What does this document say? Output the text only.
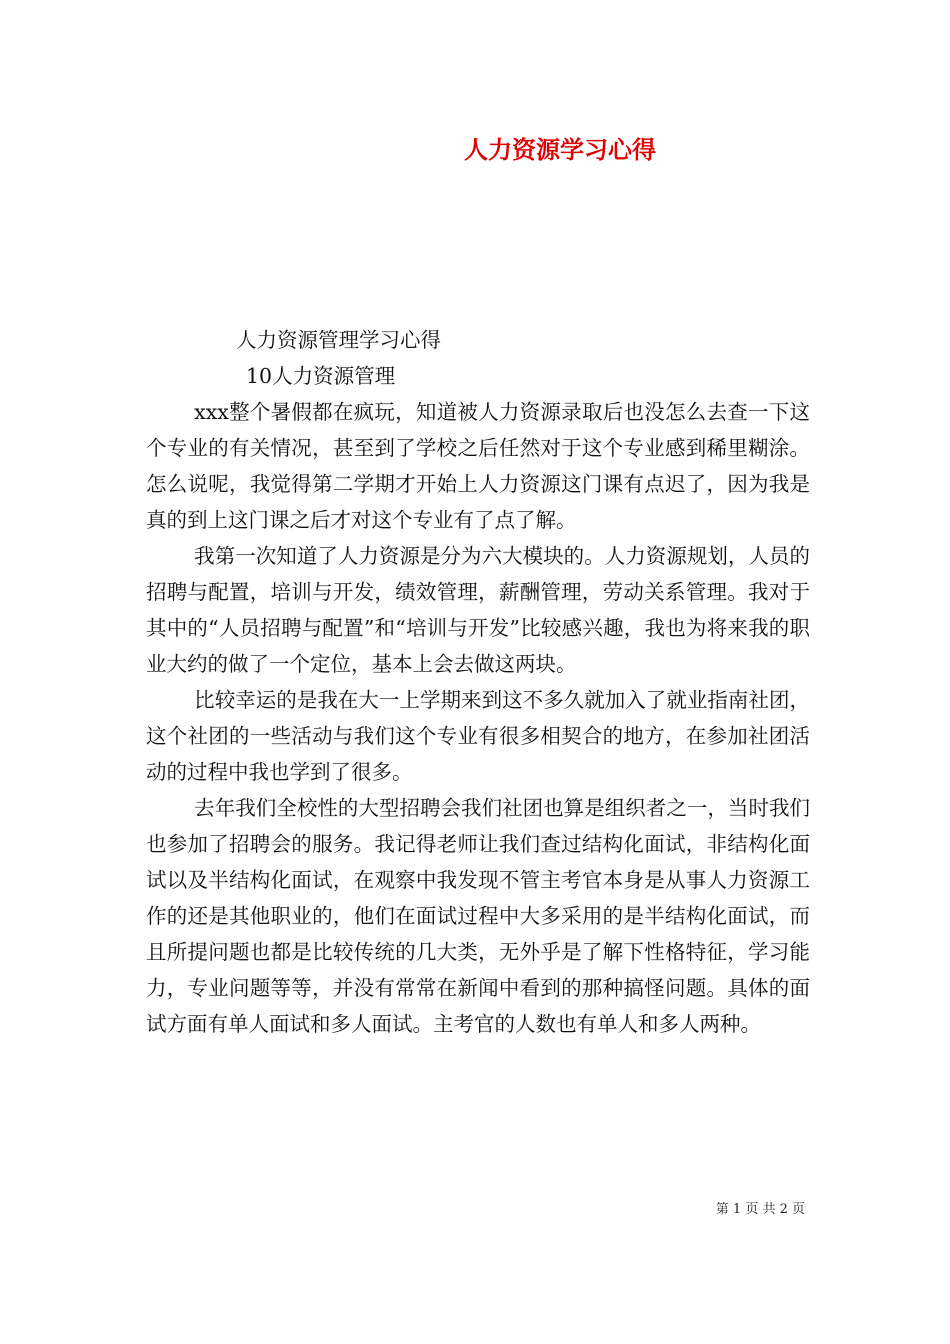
人力资源学习心得

人力资源管理学习心得

10人力资源管理

xxx整个暑假都在疯玩，知道被人力资源录取后也没怎么去查一下这个专业的有关情况，甚至到了学校之后任然对于这个专业感到稀里糊涂。怎么说呢，我觉得第二学期才开始上人力资源这门课有点迟了，因为我是真的到上这门课之后才对这个专业有了点了解。

我第一次知道了人力资源是分为六大模块的。人力资源规划，人员的招聘与配置，培训与开发，绩效管理，薪酬管理，劳动关系管理。我对于其中的“人员招聘与配置”和“培训与开发”比较感兴趣，我也为将来我的职业大约的做了一个定位，基本上会去做这两块。

比较幸运的是我在大一上学期来到这不多久就加入了就业指南社团，这个社团的一些活动与我们这个专业有很多相契合的地方，在参加社团活动的过程中我也学到了很多。

去年我们全校性的大型招聘会我们社团也算是组织者之一，当时我们也参加了招聘会的服务。我记得老师让我们查过结构化面试，非结构化面试以及半结构化面试，在观察中我发现不管主考官本身是从事人力资源工作的还是其他职业的，他们在面试过程中大多采用的是半结构化面试，而且所提问题也都是比较传统的几大类，无外乎是了解下性格特征，学习能力，专业问题等等，并没有常常在新闻中看到的那种搞怪问题。具体的面试方面有单人面试和多人面试。主考官的人数也有单人和多人两种。

第 1 页 共 2 页
